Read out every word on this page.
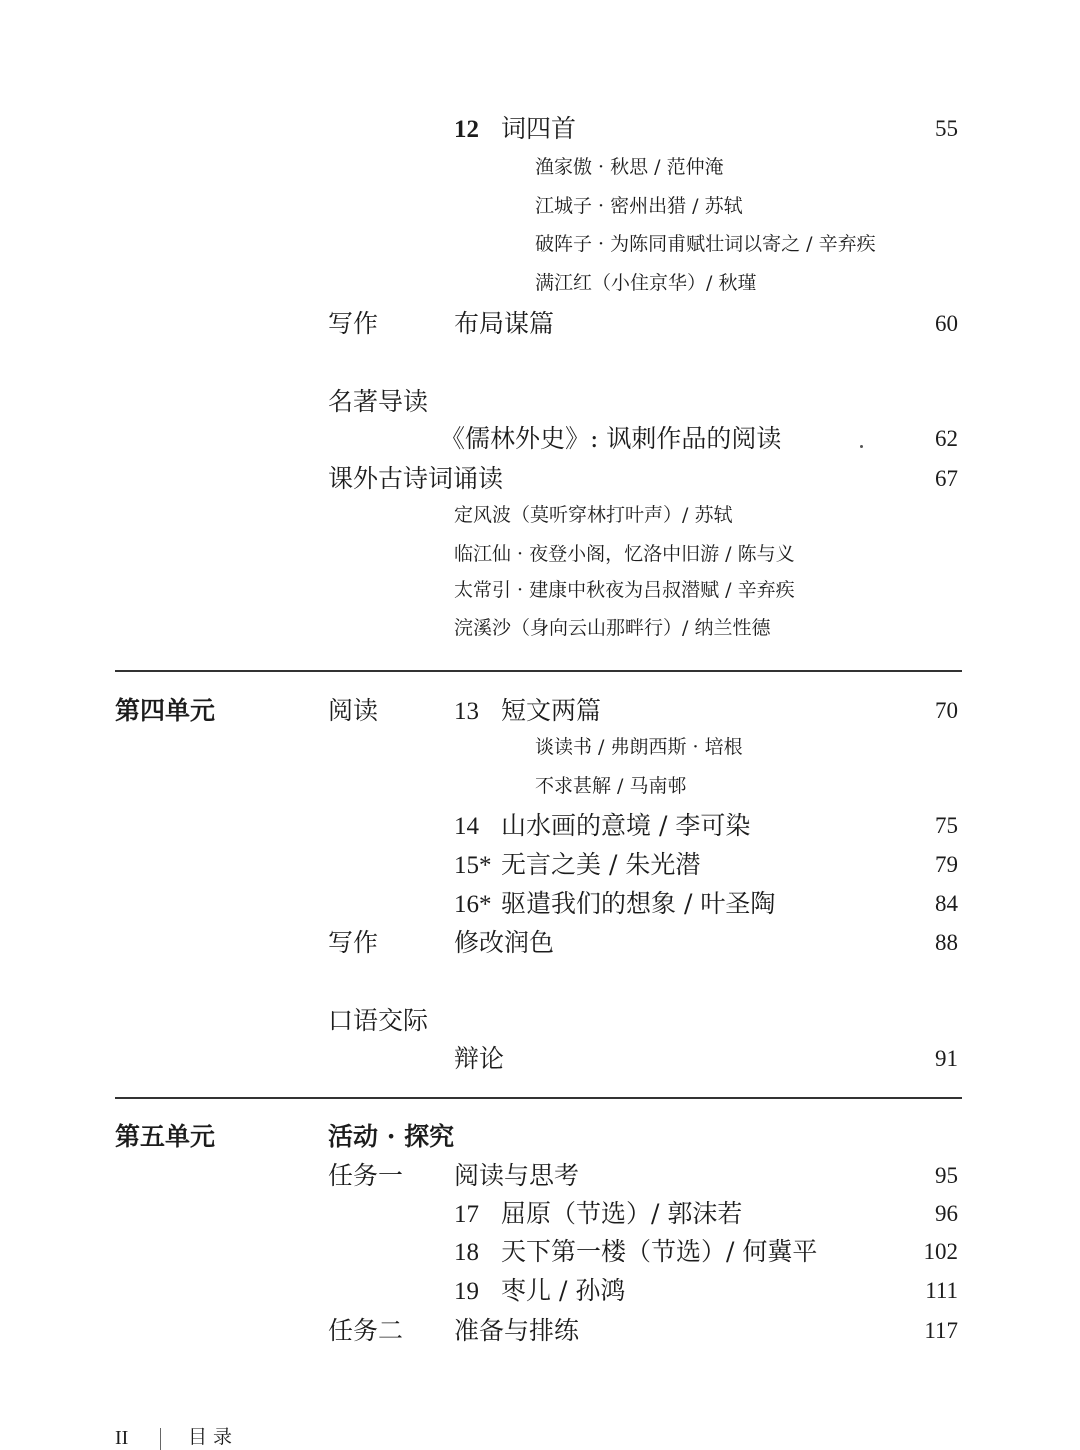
12 词四首	55
渔家傲 · 秋思 / 范仲淹
江城子 · 密州出猎 / 苏轼
破阵子 · 为陈同甫赋壮词以寄之 / 辛弃疾
满江红（小住京华）/ 秋瑾
写作	布局谋篇	60
名著导读
《儒林外史》: 讽刺作品的阅读	62
课外古诗词诵读	67
定风波（莫听穿林打叶声）/ 苏轼
临江仙 · 夜登小阁，忆洛中旧游 / 陈与义
太常引 · 建康中秋夜为吕叔潜赋 / 辛弃疾
浣溪沙（身向云山那畔行）/ 纳兰性德
第四单元	阅读	13 短文两篇	70
谈读书 / 弗朗西斯 · 培根
不求甚解 / 马南邨
14 山水画的意境 / 李可染	75
15* 无言之美 / 朱光潜	79
16* 驱遣我们的想象 / 叶圣陶	84
写作	修改润色	88
口语交际
辩论	91
第五单元	活动 · 探究
任务一 阅读与思考	95
17 屈原（节选）/ 郭沫若	96
18 天下第一楼（节选）/ 何冀平	102
19 枣儿 / 孙鸿	111
任务二 准备与排练	117
II	目 录
